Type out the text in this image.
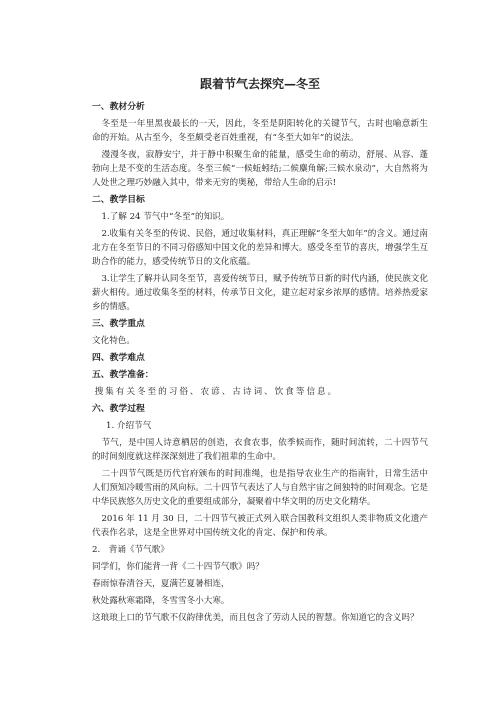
跟着节气去探究—冬至
一、教材分析

冬至是一年里黑夜最长的一天，因此，冬至是阴阳转化的关键节气，古时也喻意新生命的开始。从古至今，冬至颇受老百姓重视，有“冬至大如年”的说法。

漫漫冬夜，寂静安宁，并于静中积聚生命的能量，感受生命的萌动，舒展、从容、蓬勃向上是不变的生活态度。冬至三候“一候蚯蚓结;二候麋角解;三候水泉动”，大自然将为人处世之理巧妙融入其中，带来无穷的奥秘，带给人生命的启示!

二、教学目标

1.了解 24 节气中“冬至”的知识。

2.收集有关冬至的传说、民俗，通过收集材料，真正理解“冬至大如年”的含义。通过南北方在冬至节日的不同习俗感知中国文化的差异和博大。感受冬至节的喜庆，增强学生互助合作的能力，感受传统节日的文化底蕴。

3.让学生了解并认同冬至节，喜爱传统节日，赋予传统节日新的时代内涵，使民族文化薪火相传。通过收集冬至的材料，传承节日文化，建立起对家乡浓厚的感情。培养热爱家乡的情感。

三、教学重点

文化特色。

四、教学难点
五、教学准备：

搜集有关冬至的习俗、农谚、古诗词、饮食等信息。

六、教学过程
1. 介绍节气

节气，是中国人诗意栖居的创造，衣食农事，依季候而作，随时间流转，二十四节气的时间刻度就这样深深刻进了我们祖辈的生命中。

二十四节气既是历代官府颁布的时间准绳，也是指导农业生产的指南针，日常生活中人们预知冷暖雪雨的风向标。二十四节气表达了人与自然宇宙之间独特的时间观念。它是中华民族悠久历史文化的重要组成部分，凝聚着中华文明的历史文化精华。

2016 年 11 月 30 日，二十四节气被正式列入联合国教科文组织人类非物质文化遗产代表作名录，这是全世界对中国传统文化的肯定、保护和传承。

2.　背诵《节气歌》

同学们，你们能背一背《二十四节气歌》吗？

春雨惊春清谷天，夏满芒夏暑相连，
秋处露秋寒霜降，冬雪雪冬小大寒。

这琅琅上口的节气歌不仅韵律优美，而且包含了劳动人民的智慧。你知道它的含义吗？
